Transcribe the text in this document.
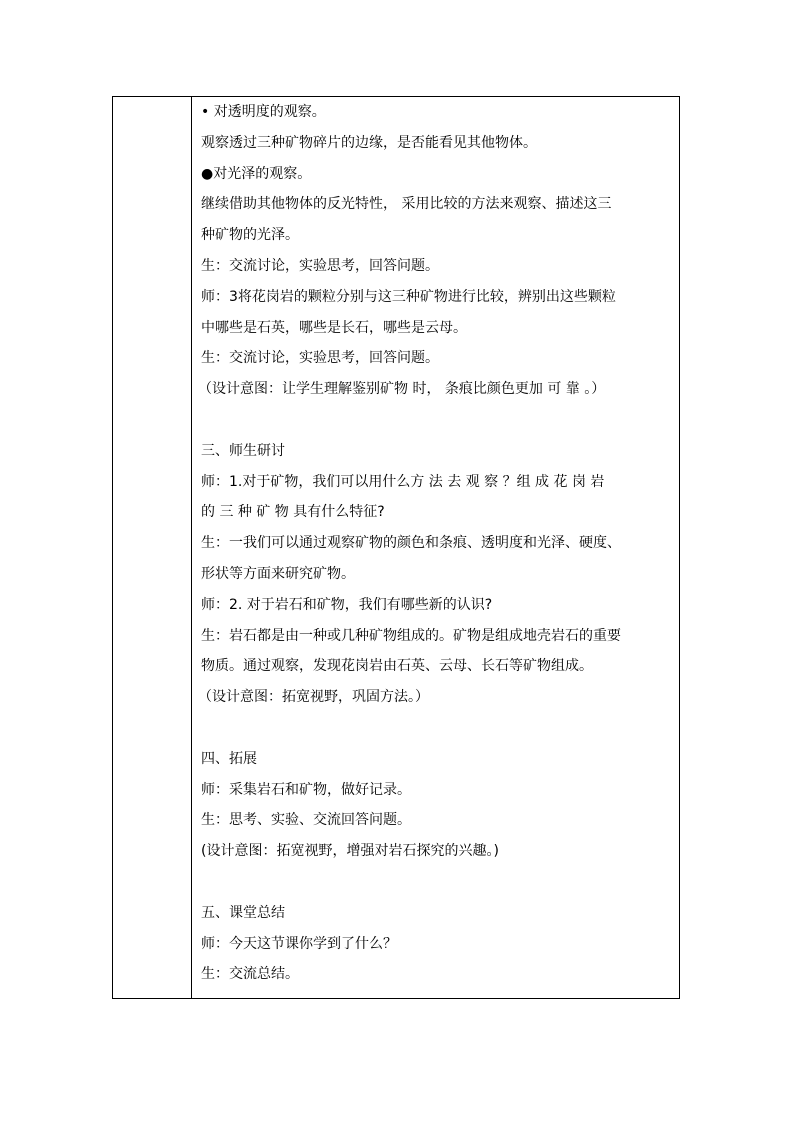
• 对透明度的观察。
观察透过三种矿物碎片的边缘，是否能看见其他物体。
●对光泽的观察。
继续借助其他物体的反光特性， 采用比较的方法来观察、描述这三
种矿物的光泽。
生：交流讨论，实验思考，回答问题。
师：3将花岗岩的颗粒分别与这三种矿物进行比较，辨别出这些颗粒
中哪些是石英，哪些是长石，哪些是云母。
生：交流讨论，实验思考，回答问题。
（设计意图：让学生理解鉴别矿物 时， 条痕比颜色更加 可 靠 。）
三、师生研讨
师：1.对于矿物，我们可以用什么方 法 去 观 察 ？组 成 花 岗 岩
的 三 种 矿 物 具有什么特征?
生：一我们可以通过观察矿物的颜色和条痕、透明度和光泽、硬度、
形状等方面来研究矿物。
师：2. 对于岩石和矿物，我们有哪些新的认识?
生：岩石都是由一种或几种矿物组成的。矿物是组成地壳岩石的重要
物质。通过观察，发现花岗岩由石英、云母、长石等矿物组成。
（设计意图：拓宽视野，巩固方法。）
四、拓展
师：采集岩石和矿物，做好记录。
生：思考、实验、交流回答问题。
(设计意图：拓宽视野，增强对岩石探究的兴趣。)
五、课堂总结
师：今天这节课你学到了什么？
生：交流总结。
